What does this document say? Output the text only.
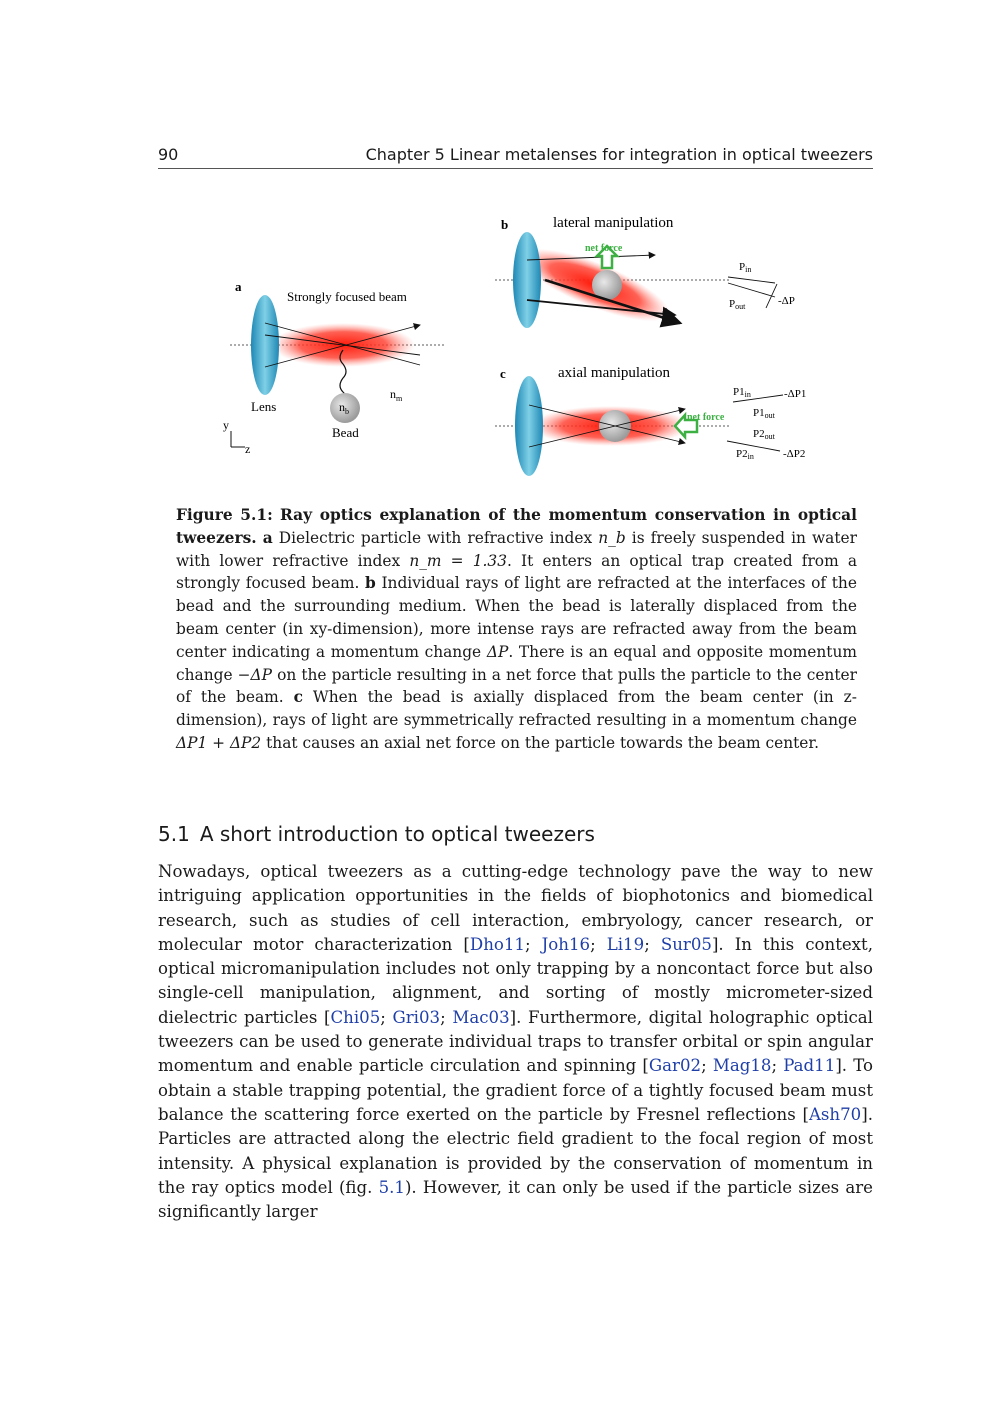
90	Chapter 5 Linear metalenses for integration in optical tweezers
a
Strongly focused beam
$n_b$
Bead
Lens
$n_m$
y
z
b	lateral manipulation
net force
Pin
Pout	-ΔP
c	axial manipulation
net force
P1in	-ΔP1
P1out
P2out
P2in	-ΔP2
Figure 5.1: Ray optics explanation of the momentum conservation in optical tweezers. a Dielectric particle with refractive index n_b is freely suspended in water with lower refractive index n_m = 1.33. It enters an optical trap created from a strongly focused beam. b Individual rays of light are refracted at the interfaces of the bead and the surrounding medium. When the bead is laterally displaced from the beam center (in xy-dimension), more intense rays are refracted away from the beam center indicating a momentum change ΔP. There is an equal and opposite momentum change −ΔP on the particle resulting in a net force that pulls the particle to the center of the beam. c When the bead is axially displaced from the beam center (in z-dimension), rays of light are symmetrically refracted resulting in a momentum change ΔP1 + ΔP2 that causes an axial net force on the particle towards the beam center.
5.1 A short introduction to optical tweezers
Nowadays, optical tweezers as a cutting-edge technology pave the way to new intriguing application opportunities in the fields of biophotonics and biomedical research, such as studies of cell interaction, embryology, cancer research, or molecular motor characterization [Dho11; Joh16; Li19; Sur05]. In this context, optical micromanipulation includes not only trapping by a noncontact force but also single-cell manipulation, alignment, and sorting of mostly micrometer-sized dielectric particles [Chi05; Gri03; Mac03]. Furthermore, digital holographic optical tweezers can be used to generate individual traps to transfer orbital or spin angular momentum and enable particle circulation and spinning [Gar02; Mag18; Pad11]. To obtain a stable trapping potential, the gradient force of a tightly focused beam must balance the scattering force exerted on the particle by Fresnel reflections [Ash70]. Particles are attracted along the electric field gradient to the focal region of most intensity. A physical explanation is provided by the conservation of momentum in the ray optics model (fig. 5.1). However, it can only be used if the particle sizes are significantly larger
